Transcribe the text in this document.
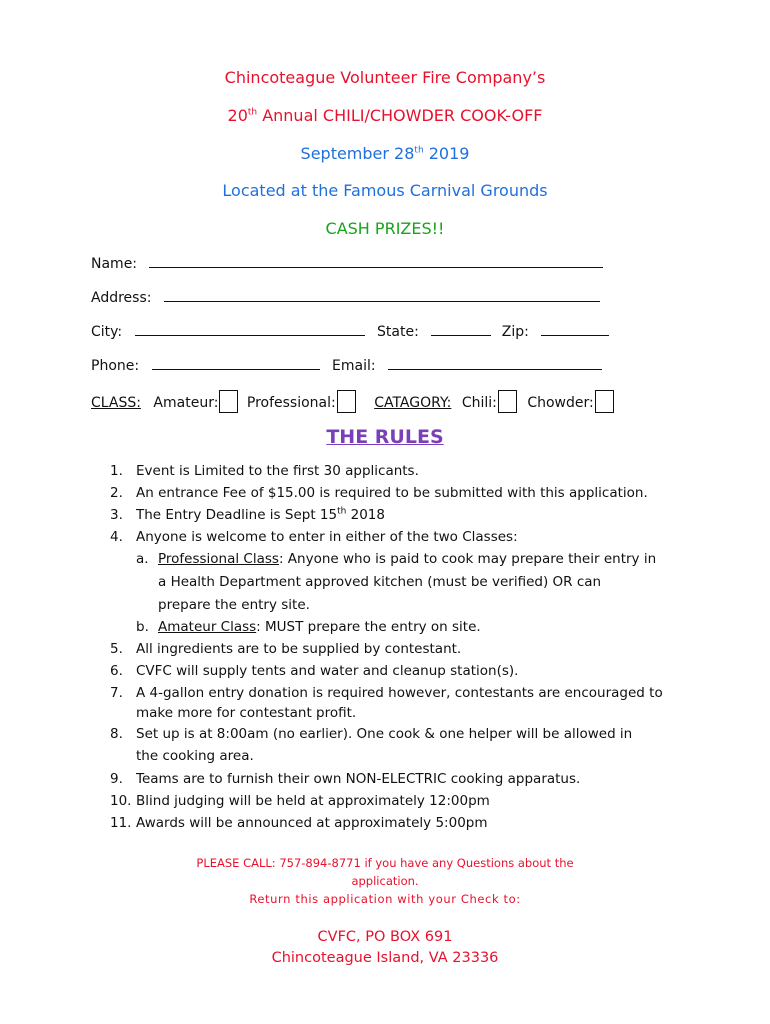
Chincoteague Volunteer Fire Company’s
20th Annual CHILI/CHOWDER COOK-OFF
September 28th 2019
Located at the Famous Carnival Grounds
CASH PRIZES!!
Name:
Address:
City:	State:	Zip:
Phone:	Email:
CLASS: Amateur: Professional:	CATAGORY: Chili: Chowder:
THE RULES
1. Event is Limited to the first 30 applicants.
2. An entrance Fee of $15.00 is required to be submitted with this application.
3. The Entry Deadline is Sept 15th 2018
4. Anyone is welcome to enter in either of the two Classes:
a. Professional Class: Anyone who is paid to cook may prepare their entry in
a Health Department approved kitchen (must be verified) OR can
prepare the entry site.
b. Amateur Class: MUST prepare the entry on site.
5. All ingredients are to be supplied by contestant.
6. CVFC will supply tents and water and cleanup station(s).
7. A 4-gallon entry donation is required however, contestants are encouraged to
make more for contestant profit.
8. Set up is at 8:00am (no earlier). One cook & one helper will be allowed in
the cooking area.
9. Teams are to furnish their own NON-ELECTRIC cooking apparatus.
10. Blind judging will be held at approximately 12:00pm
11. Awards will be announced at approximately 5:00pm
PLEASE CALL: 757-894-8771 if you have any Questions about the
application.
Return this application with your Check to:
CVFC, PO BOX 691
Chincoteague Island, VA 23336
